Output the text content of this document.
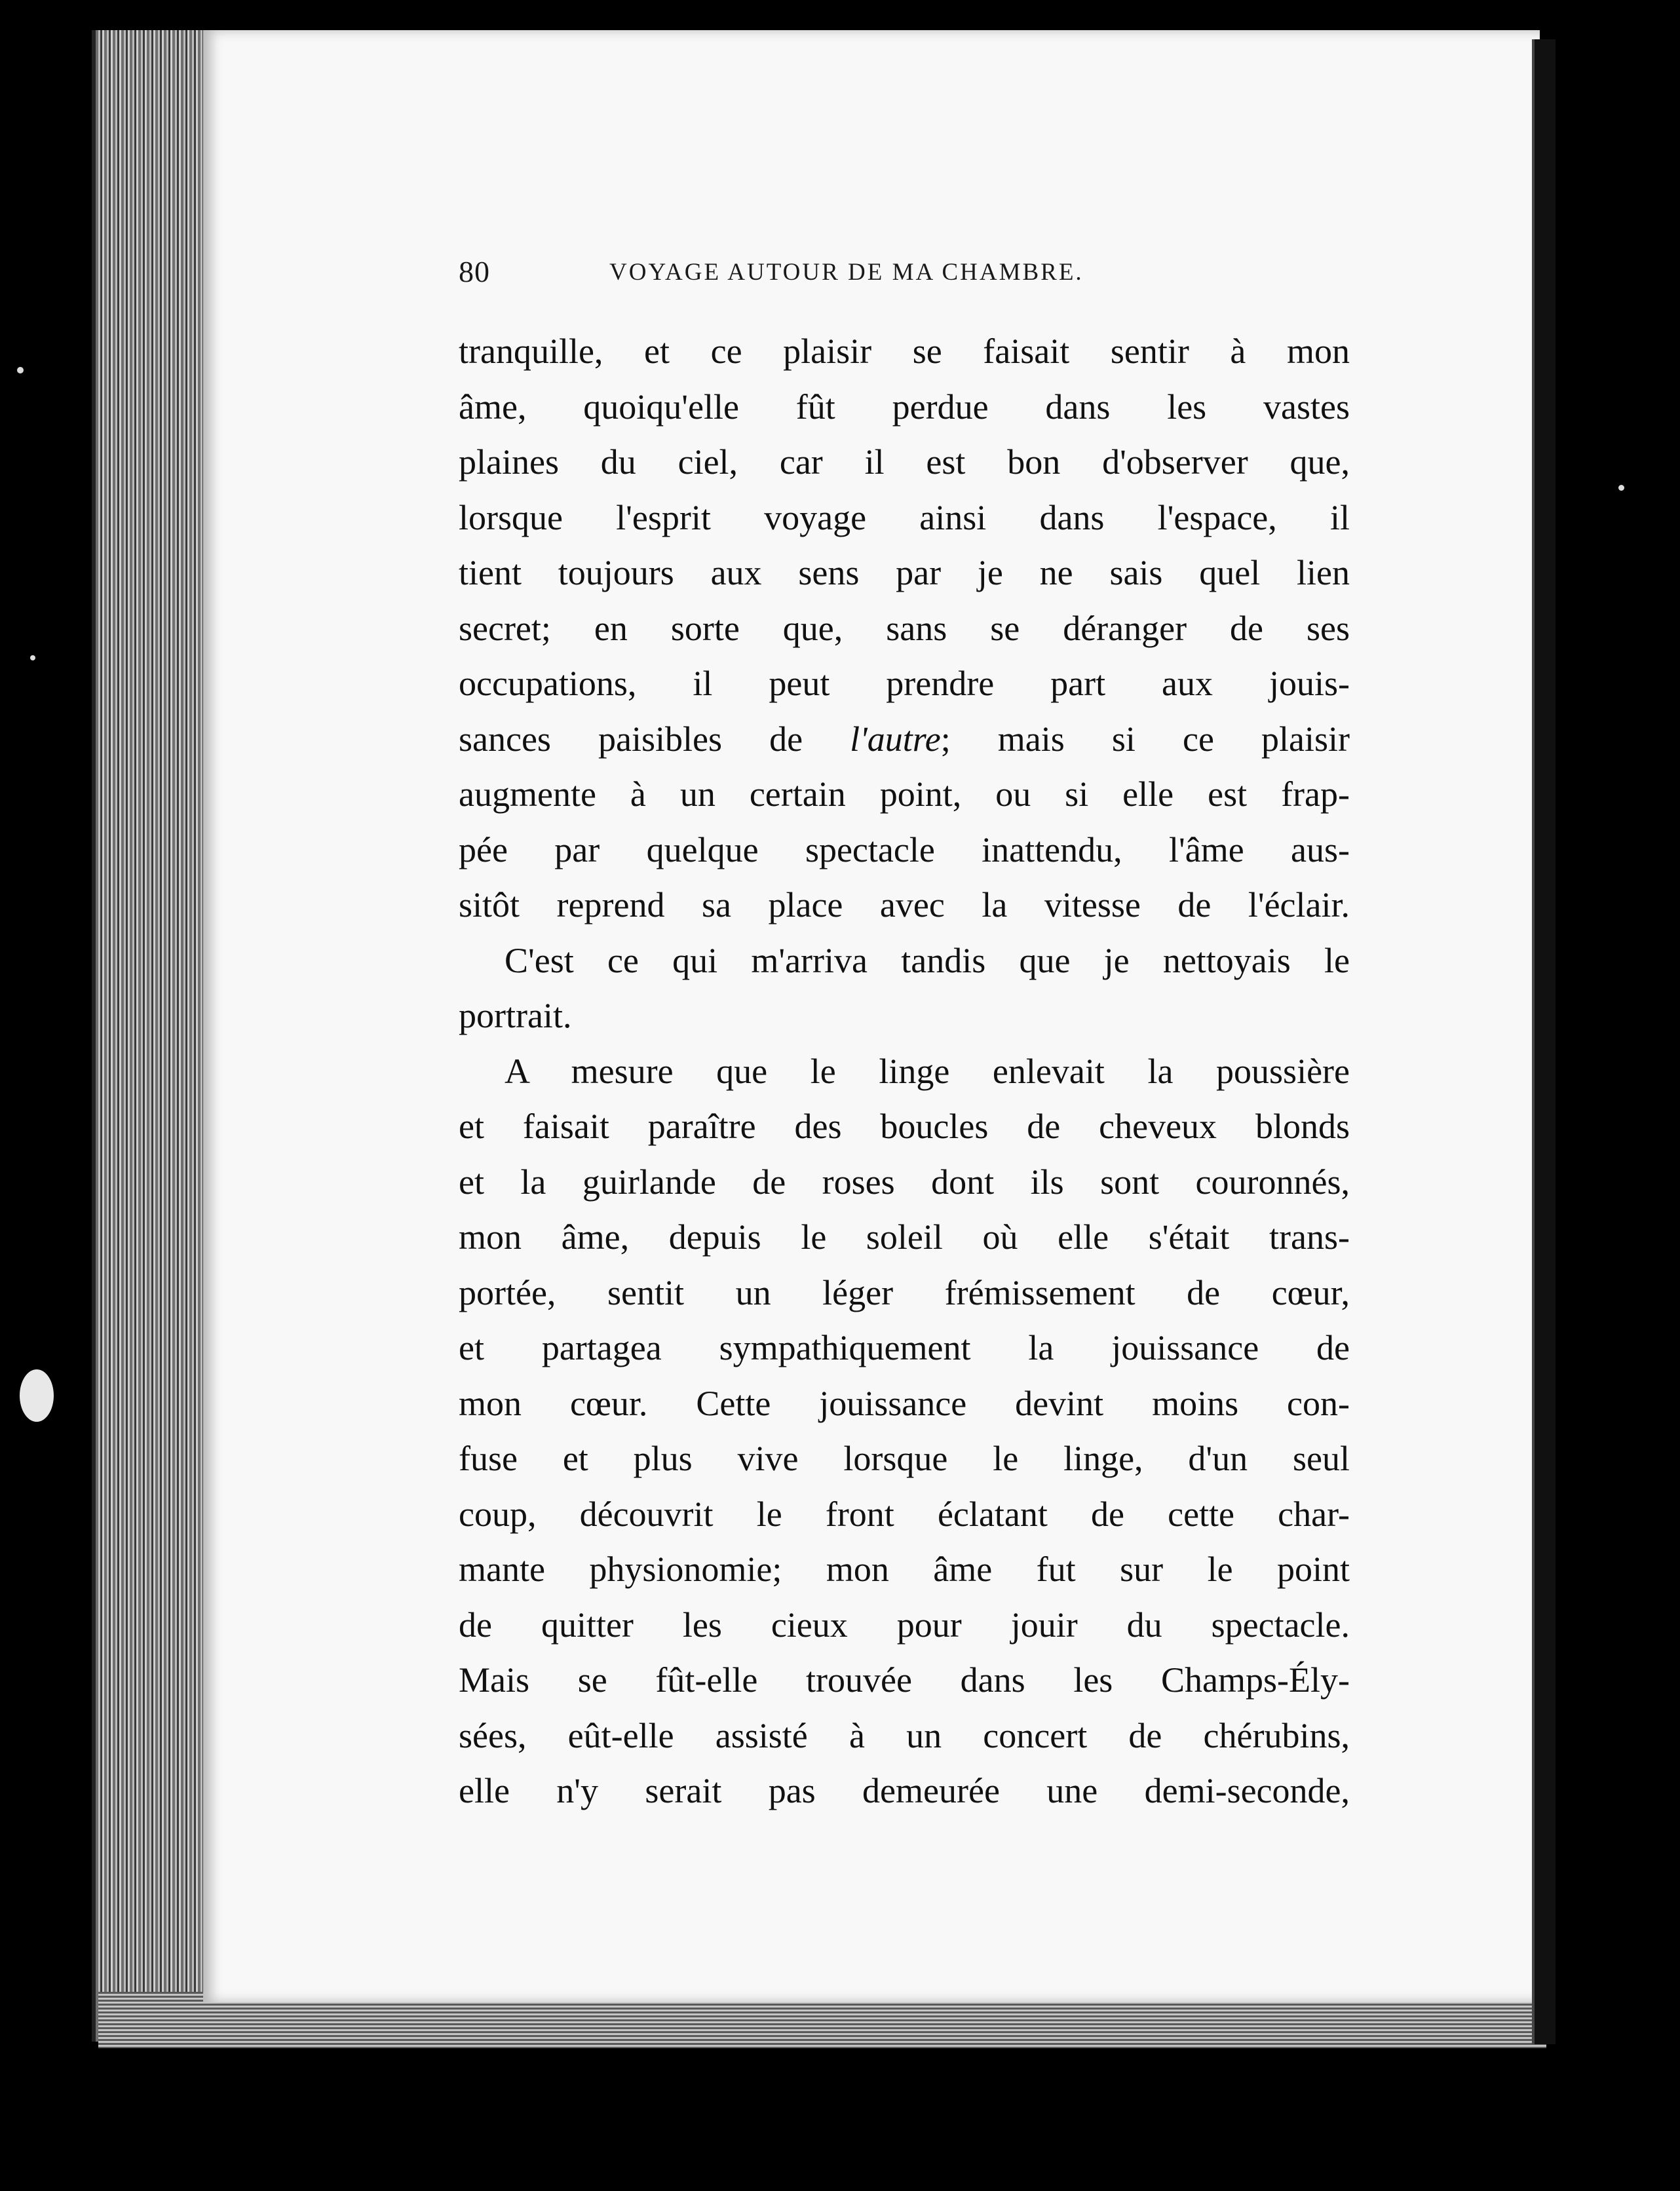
80	VOYAGE AUTOUR DE MA CHAMBRE.
tranquille, et ce plaisir se faisait sentir à mon
âme, quoiqu'elle fût perdue dans les vastes
plaines du ciel, car il est bon d'observer que,
lorsque l'esprit voyage ainsi dans l'espace, il
tient toujours aux sens par je ne sais quel lien
secret; en sorte que, sans se déranger de ses
occupations, il peut prendre part aux jouis-
sances paisibles de l'autre; mais si ce plaisir
augmente à un certain point, ou si elle est frap-
pée par quelque spectacle inattendu, l'âme aus-
sitôt reprend sa place avec la vitesse de l'éclair.
C'est ce qui m'arriva tandis que je nettoyais le
portrait.
A mesure que le linge enlevait la poussière
et faisait paraître des boucles de cheveux blonds
et la guirlande de roses dont ils sont couronnés,
mon âme, depuis le soleil où elle s'était trans-
portée, sentit un léger frémissement de cœur,
et partagea sympathiquement la jouissance de
mon cœur. Cette jouissance devint moins con-
fuse et plus vive lorsque le linge, d'un seul
coup, découvrit le front éclatant de cette char-
mante physionomie; mon âme fut sur le point
de quitter les cieux pour jouir du spectacle.
Mais se fût-elle trouvée dans les Champs-Ély-
sées, eût-elle assisté à un concert de chérubins,
elle n'y serait pas demeurée une demi-seconde,
